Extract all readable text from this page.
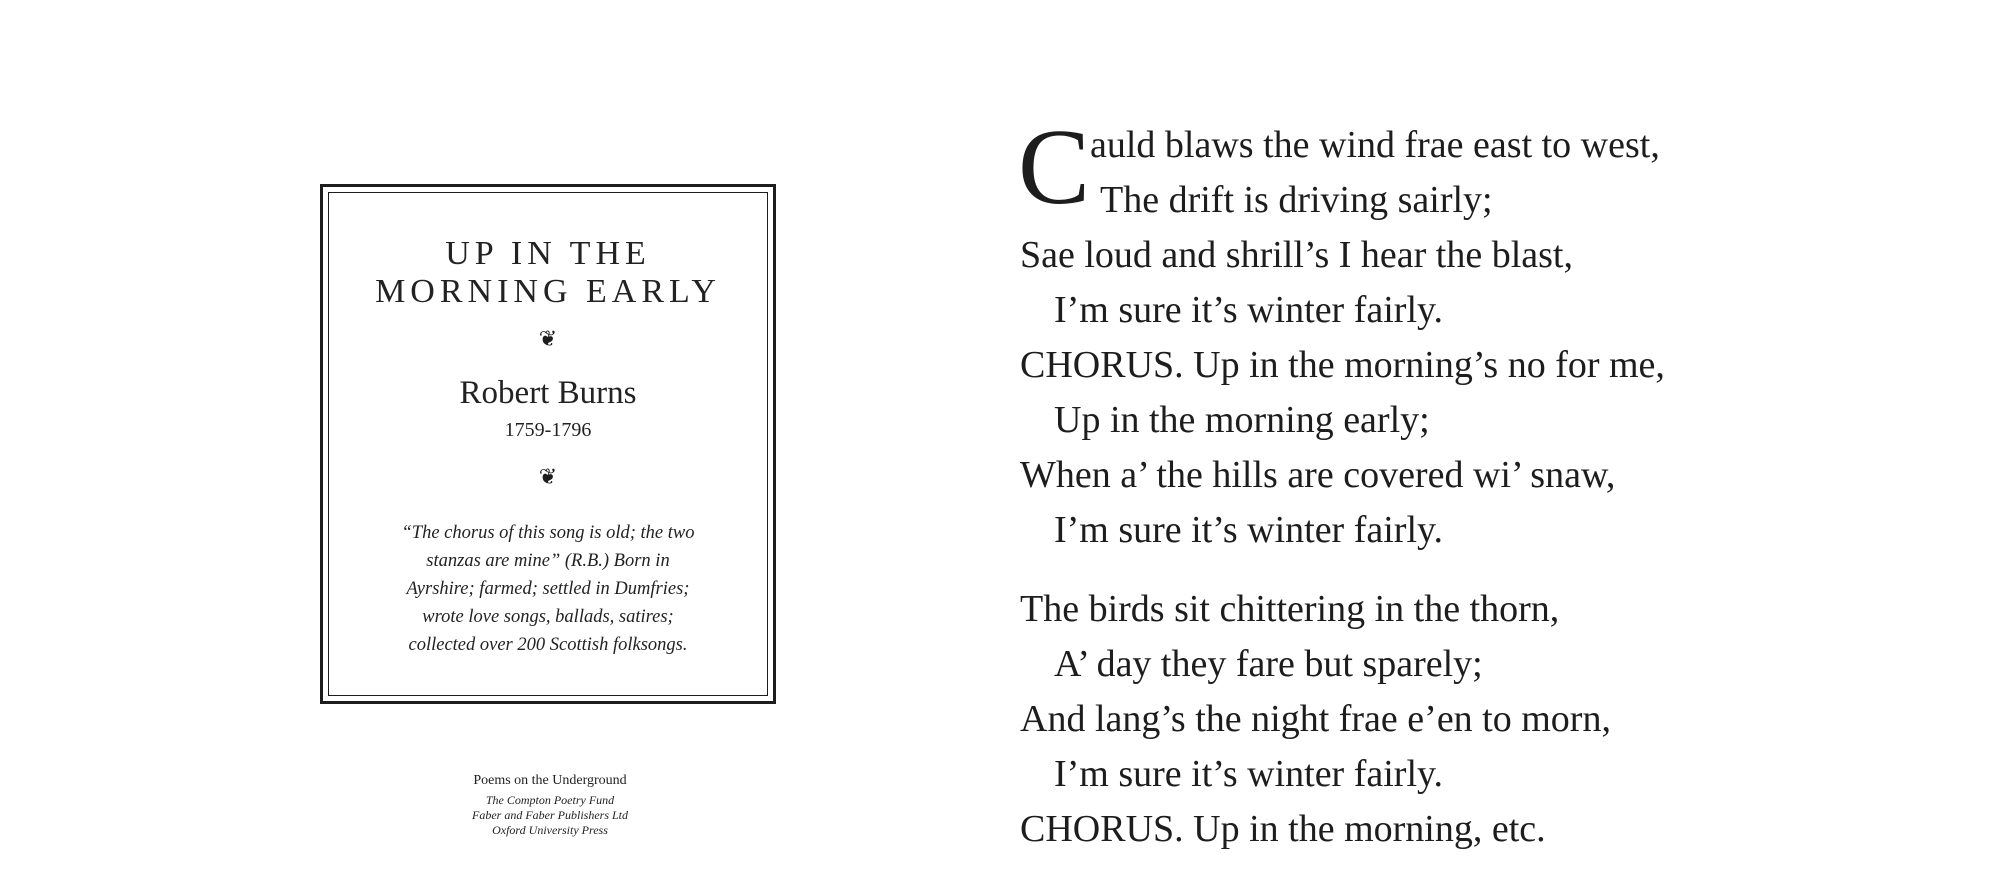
UP IN THE
MORNING EARLY
❦
Robert Burns
1759-1796
❦
“The chorus of this song is old; the two
stanzas are mine” (R.B.) Born in
Ayrshire; farmed; settled in Dumfries;
wrote love songs, ballads, satires;
collected over 200 Scottish folksongs.
Poems on the Underground
The Compton Poetry Fund
Faber and Faber Publishers Ltd
Oxford University Press
C auld blaws the wind frae east to west,
The drift is driving sairly;
Sae loud and shrill’s I hear the blast,
I’m sure it’s winter fairly.
CHORUS. Up in the morning’s no for me,
Up in the morning early;
When a’ the hills are covered wi’ snaw,
I’m sure it’s winter fairly.
The birds sit chittering in the thorn,
A’ day they fare but sparely;
And lang’s the night frae e’en to morn,
I’m sure it’s winter fairly.
CHORUS. Up in the morning, etc.
